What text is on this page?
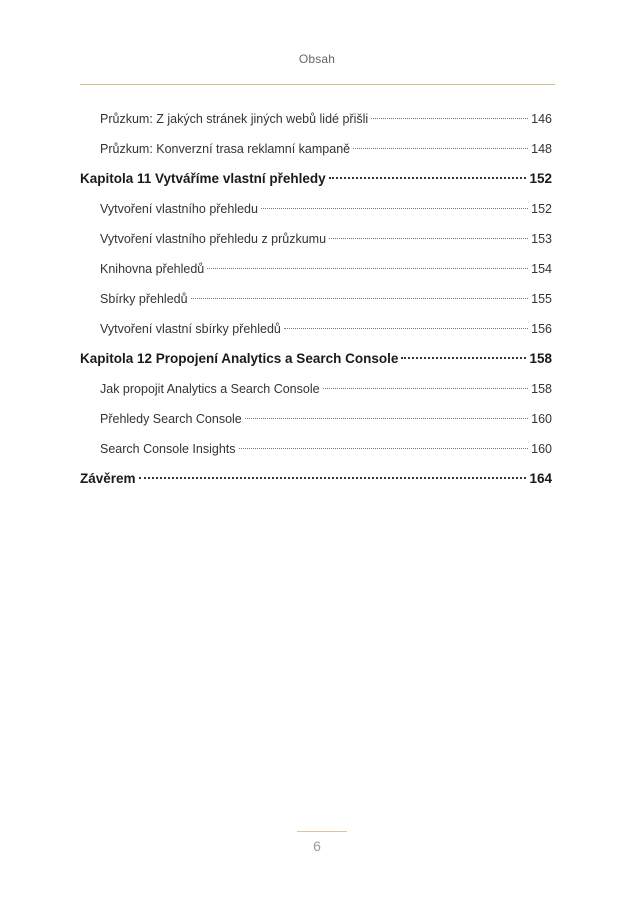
Obsah
Průzkum: Z jakých stránek jiných webů lidé přišli	146
Průzkum: Konverzní trasa reklamní kampaně	148
Kapitola 11 Vytváříme vlastní přehledy	152
Vytvoření vlastního přehledu	152
Vytvoření vlastního přehledu z průzkumu	153
Knihovna přehledů	154
Sbírky přehledů	155
Vytvoření vlastní sbírky přehledů	156
Kapitola 12 Propojení Analytics a Search Console	158
Jak propojit Analytics a Search Console	158
Přehledy Search Console	160
Search Console Insights	160
Závěrem	164
6
